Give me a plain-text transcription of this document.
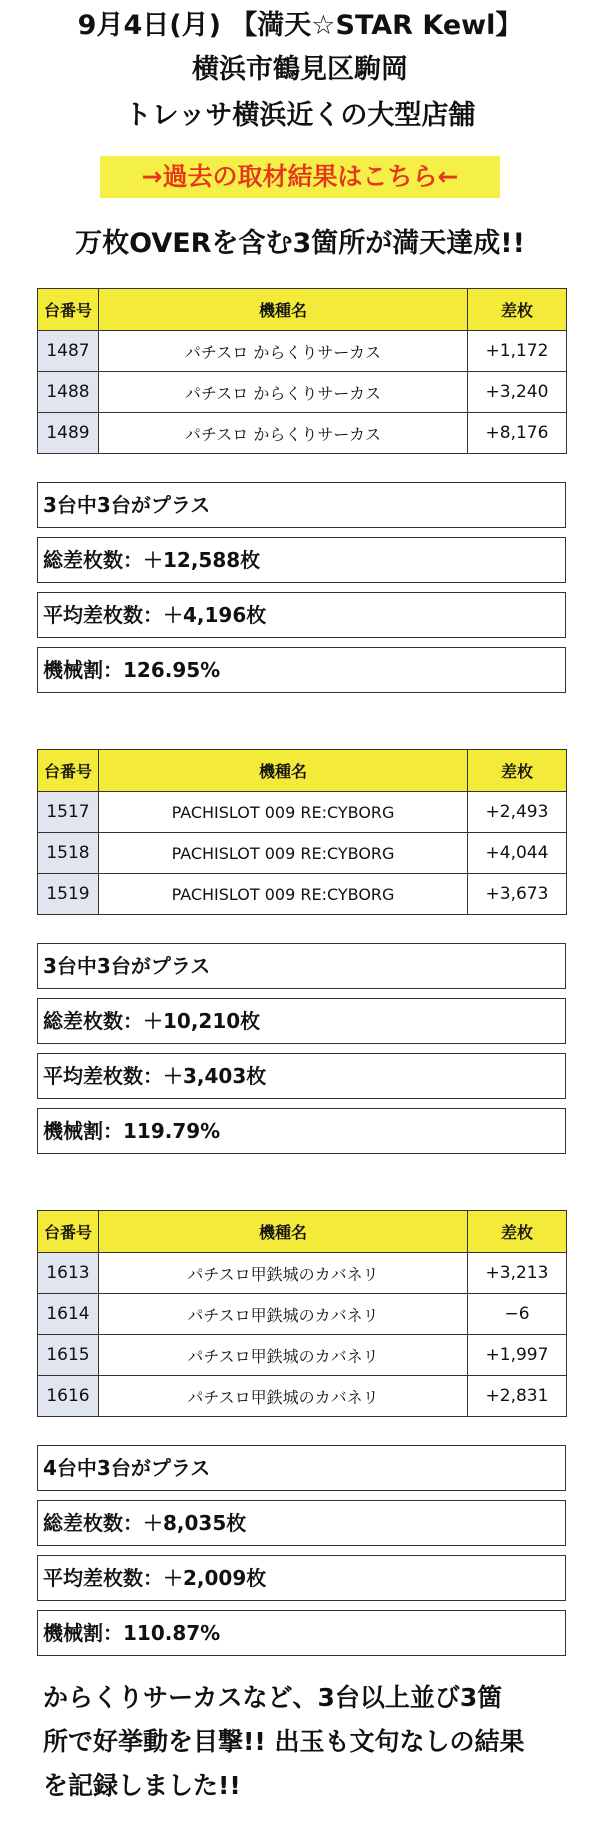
9月4日(月) 【満天☆STAR Kewl】
横浜市鶴見区駒岡
トレッサ横浜近くの大型店舗
→過去の取材結果はこちら←
万枚OVERを含む3箇所が満天達成!!
台番号	機種名	差枚
1487	パチスロ からくりサーカス	+1,172
1488	パチスロ からくりサーカス	+3,240
1489	パチスロ からくりサーカス	+8,176
3台中3台がプラス
総差枚数：＋12,588枚
平均差枚数：＋4,196枚
機械割：126.95%
台番号	機種名	差枚
1517	PACHISLOT 009 RE:CYBORG	+2,493
1518	PACHISLOT 009 RE:CYBORG	+4,044
1519	PACHISLOT 009 RE:CYBORG	+3,673
3台中3台がプラス
総差枚数：＋10,210枚
平均差枚数：＋3,403枚
機械割：119.79%
台番号	機種名	差枚
1613	パチスロ甲鉄城のカバネリ	+3,213
1614	パチスロ甲鉄城のカバネリ	−6
1615	パチスロ甲鉄城のカバネリ	+1,997
1616	パチスロ甲鉄城のカバネリ	+2,831
4台中3台がプラス
総差枚数：＋8,035枚
平均差枚数：＋2,009枚
機械割：110.87%
からくりサーカスなど、3台以上並び3箇
所で好挙動を目撃!! 出玉も文句なしの結果
を記録しました!!
